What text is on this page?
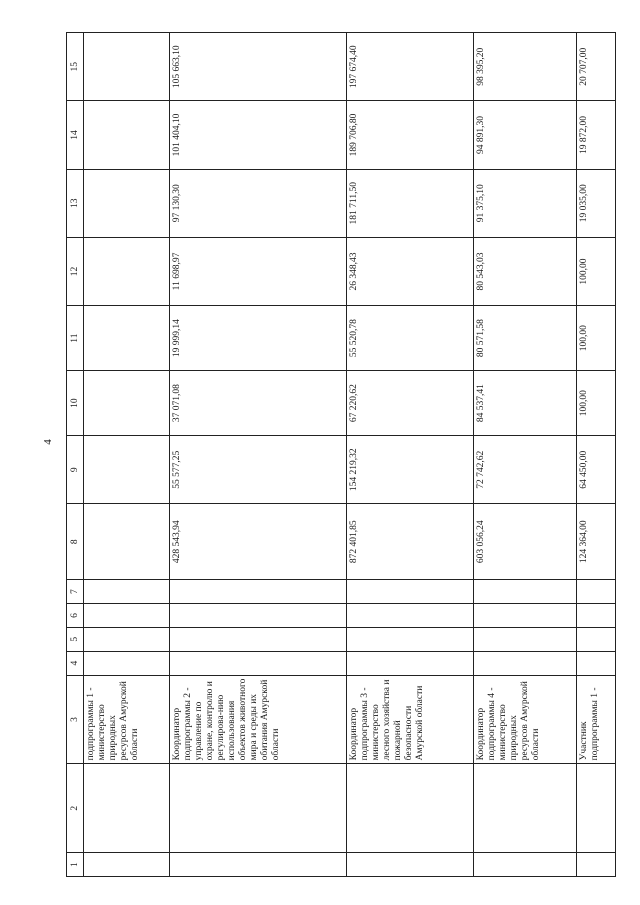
4
1	2	3	4	5	6	7	8	9	10	11	12	13	14	15
		подпрограммы 1 - министерство природных ресурсов Амурской области												
		Координатор подпрограммы 2 - управление по охране, контролю и регулирова-нию использования объектов животного мира и среды их обитания Амурской области					428 543,94	55 577,25	37 071,08	19 999,14	11 698,97	97 130,30	101 404,10	105 663,10
		Координатор подпрограммы 3 - министерство лесного хозяйства и пожарной безопасности Амурской области					872 401,85	154 219,32	67 220,62	55 520,78	26 348,43	181 711,50	189 706,80	197 674,40
		Координатор подпрограммы 4 - министерство природных ресурсов Амурской области					603 056,24	72 742,62	84 537,41	80 571,58	80 543,03	91 375,10	94 891,30	98 395,20
		Участник подпрограммы 1 -					124 364,00	64 450,00	100,00	100,00	100,00	19 035,00	19 872,00	20 707,00
